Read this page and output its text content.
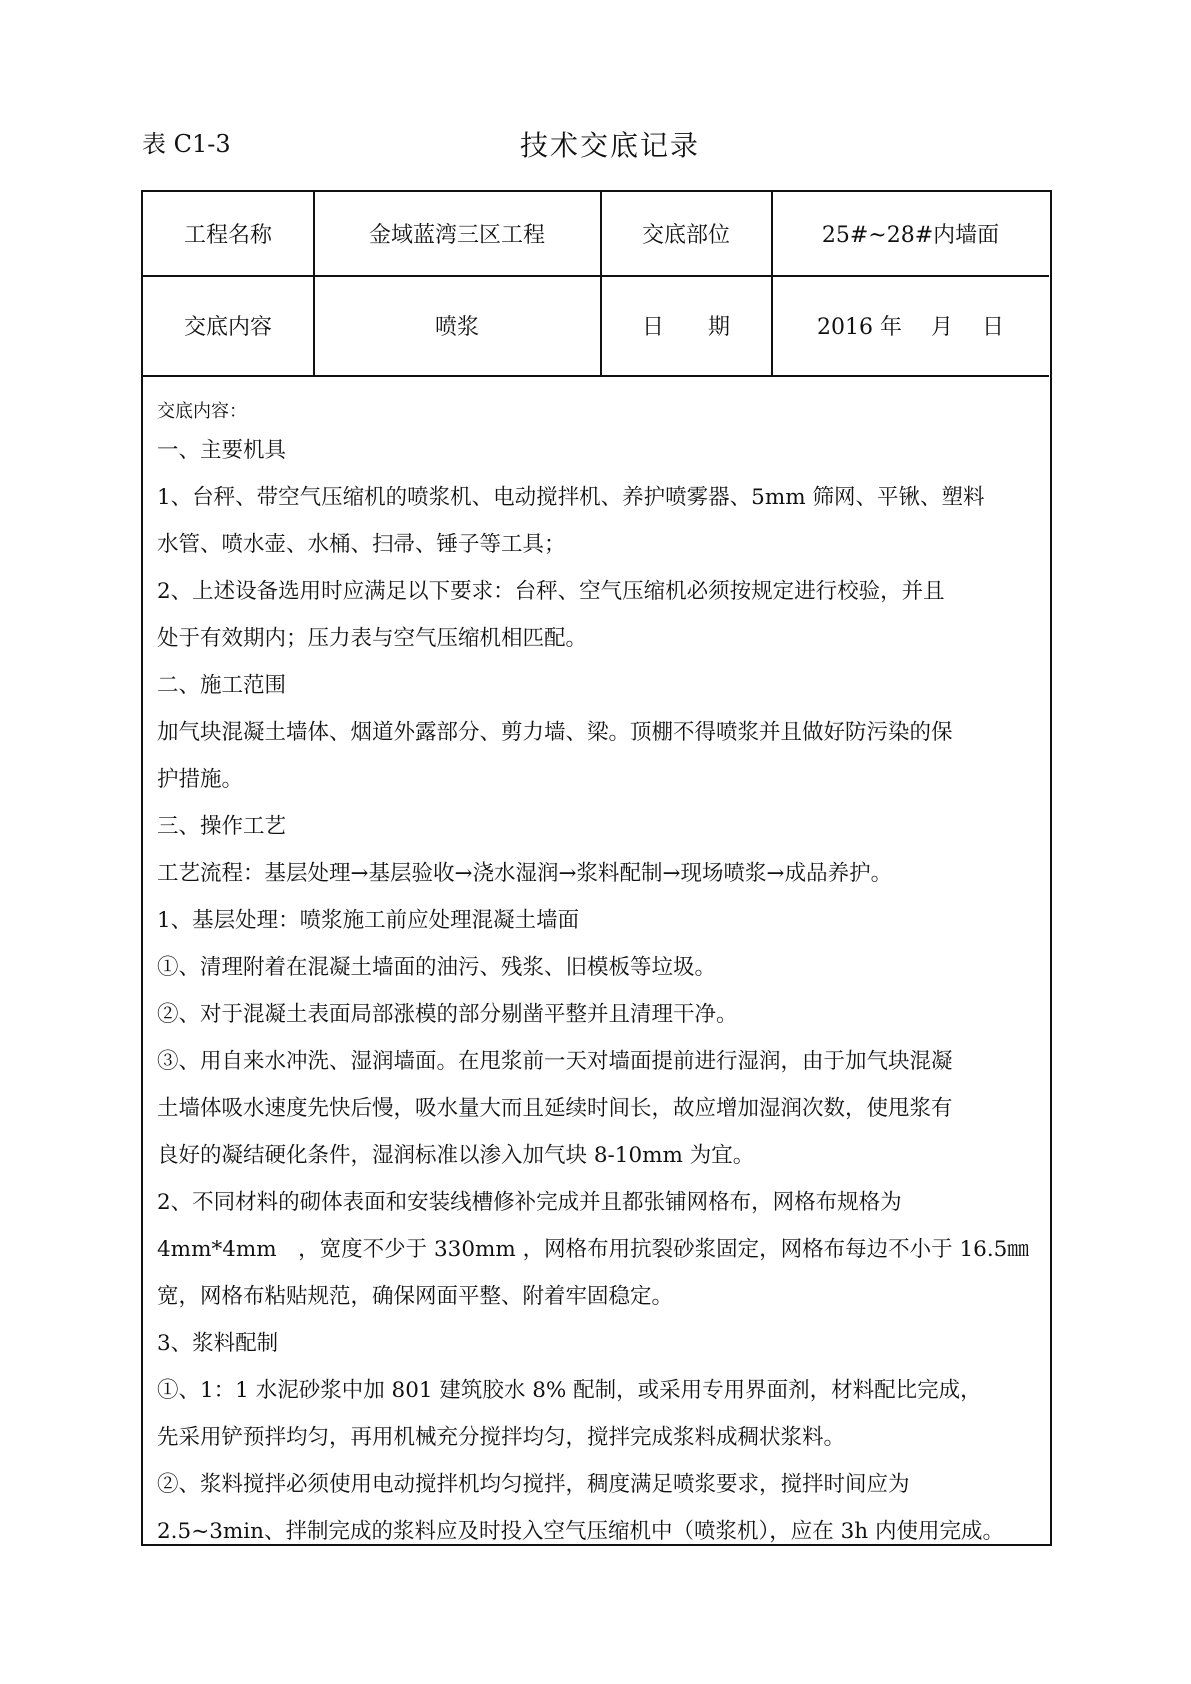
表 C1-3	技术交底记录
工程名称	金域蓝湾三区工程	交底部位	25#~28#内墙面
交底内容	喷浆	日　　期	2016 年　 月　 日
交底内容：

一、主要机具

1、台秤、带空气压缩机的喷浆机、电动搅拌机、养护喷雾器、5mm 筛网、平锹、塑料

水管、喷水壶、水桶、扫帚、锤子等工具；

2、上述设备选用时应满足以下要求：台秤、空气压缩机必须按规定进行校验，并且

处于有效期内；压力表与空气压缩机相匹配。

二、施工范围

加气块混凝土墙体、烟道外露部分、剪力墙、梁。顶棚不得喷浆并且做好防污染的保

护措施。

三、操作工艺

工艺流程：基层处理→基层验收→浇水湿润→浆料配制→现场喷浆→成品养护。

1、基层处理：喷浆施工前应处理混凝土墙面

①、清理附着在混凝土墙面的油污、残浆、旧模板等垃圾。

②、对于混凝土表面局部涨模的部分剔凿平整并且清理干净。

③、用自来水冲洗、湿润墙面。在甩浆前一天对墙面提前进行湿润，由于加气块混凝

土墙体吸水速度先快后慢，吸水量大而且延续时间长，故应增加湿润次数，使甩浆有

良好的凝结硬化条件，湿润标准以渗入加气块 8-10mm 为宜。

2、不同材料的砌体表面和安装线槽修补完成并且都张铺网格布，网格布规格为

4mm*4mm　，宽度不少于 330mm ，网格布用抗裂砂浆固定，网格布每边不小于 16.5㎜

宽，网格布粘贴规范，确保网面平整、附着牢固稳定。

3、浆料配制

①、1：1 水泥砂浆中加 801 建筑胶水 8% 配制，或采用专用界面剂，材料配比完成，

先采用铲预拌均匀，再用机械充分搅拌均匀，搅拌完成浆料成稠状浆料。

②、浆料搅拌必须使用电动搅拌机均匀搅拌，稠度满足喷浆要求，搅拌时间应为

2.5~3min、拌制完成的浆料应及时投入空气压缩机中（喷浆机），应在 3h 内使用完成。
